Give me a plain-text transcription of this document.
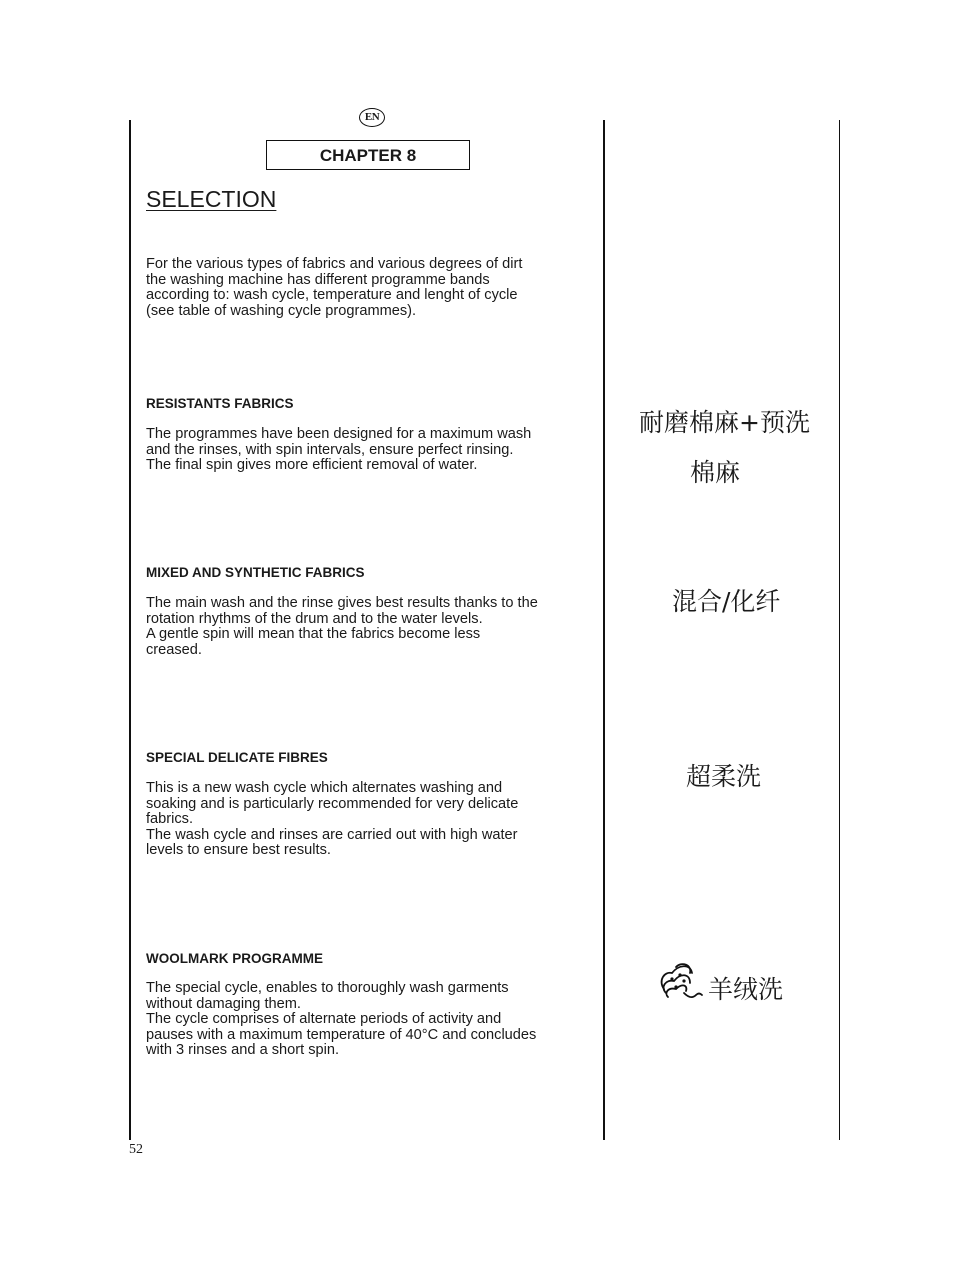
EN
CHAPTER 8
SELECTION
For the various types of fabrics and various degrees of dirt
the washing machine has different programme bands
according to: wash cycle, temperature and lenght of cycle
(see table of washing cycle programmes).
RESISTANTS FABRICS
The programmes have been designed for a maximum wash
and the rinses, with spin intervals, ensure perfect rinsing.
The final spin gives more efficient removal of water.
耐磨棉麻+预洗
棉麻
MIXED AND SYNTHETIC FABRICS
The main wash and the rinse gives best results thanks to the
rotation rhythms of the drum and to the water levels.
A gentle spin will mean that the fabrics become less
creased.
混合/化纤
SPECIAL DELICATE FIBRES
This is a new wash cycle which alternates washing and
soaking and is particularly recommended for very delicate
fabrics.
The wash cycle and rinses are carried out with high water
levels to ensure best results.
超柔洗
WOOLMARK PROGRAMME
The special cycle, enables to thoroughly wash garments
without damaging them.
The cycle comprises of alternate periods of activity and
pauses with a maximum temperature of 40°C and concludes
with 3 rinses and a short spin.
羊绒洗
52
